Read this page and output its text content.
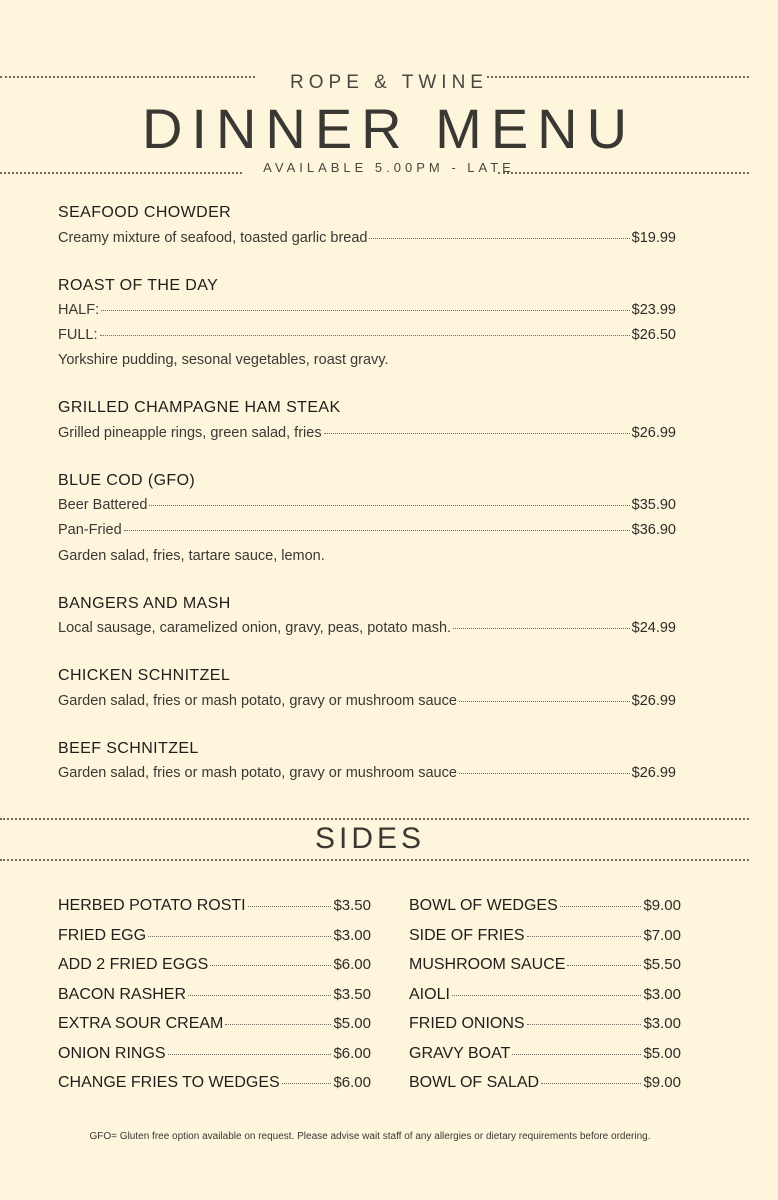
ROPE & TWINE
DINNER MENU
AVAILABLE 5.00PM - LATE
SEAFOOD CHOWDER
Creamy mixture of seafood, toasted garlic bread	$19.99
ROAST OF THE DAY
HALF:	$23.99
FULL:	$26.50
Yorkshire pudding, sesonal vegetables, roast gravy.
GRILLED CHAMPAGNE HAM STEAK
Grilled pineapple rings, green salad, fries	$26.99
BLUE COD (GFO)
Beer Battered	$35.90
Pan-Fried	$36.90
Garden salad, fries, tartare sauce, lemon.
BANGERS AND MASH
Local sausage, caramelized onion, gravy, peas, potato mash.	$24.99
CHICKEN SCHNITZEL
Garden salad, fries or mash potato, gravy or mushroom sauce	$26.99
BEEF SCHNITZEL
Garden salad, fries or mash potato, gravy or mushroom sauce	$26.99
SIDES
HERBED POTATO ROSTI	$3.50
FRIED EGG	$3.00
ADD 2 FRIED EGGS	$6.00
BACON RASHER	$3.50
EXTRA SOUR CREAM	$5.00
ONION RINGS	$6.00
CHANGE FRIES TO WEDGES	$6.00
BOWL OF WEDGES	$9.00
SIDE OF FRIES	$7.00
MUSHROOM SAUCE	$5.50
AIOLI	$3.00
FRIED ONIONS	$3.00
GRAVY BOAT	$5.00
BOWL OF SALAD	$9.00
GFO= Gluten free option available on request. Please advise wait staff of any allergies or dietary requirements before ordering.
